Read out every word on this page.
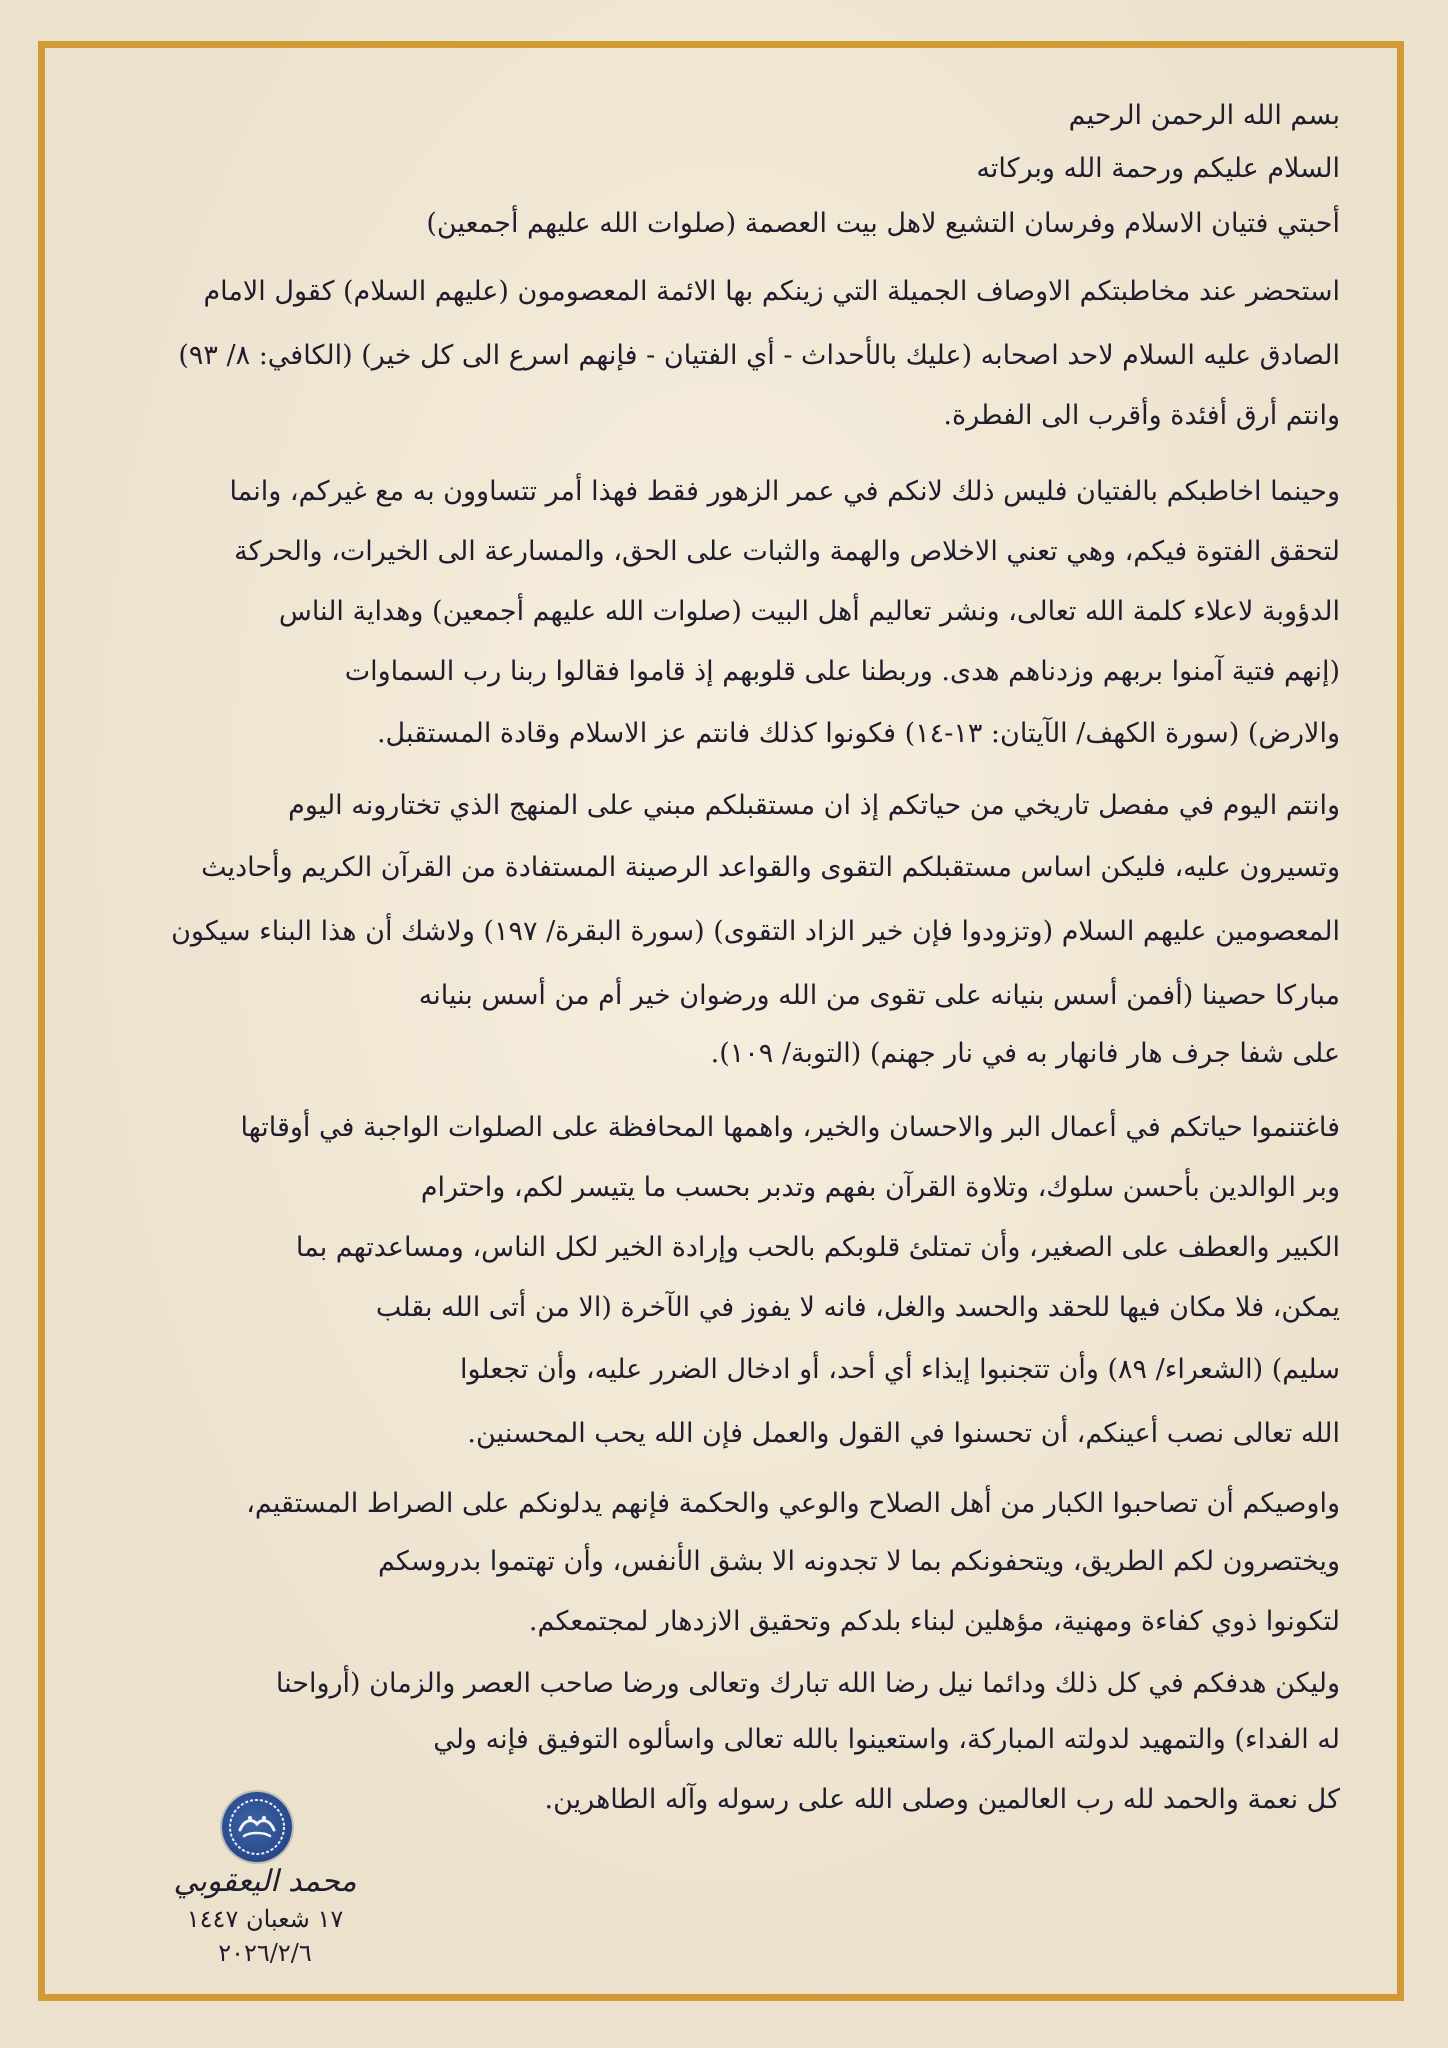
بسم الله الرحمن الرحيم
السلام عليكم ورحمة الله وبركاته
أحبتي فتيان الاسلام وفرسان التشيع لاهل بيت العصمة (صلوات الله عليهم أجمعين)
استحضر عند مخاطبتكم الاوصاف الجميلة التي زينكم بها الائمة المعصومون (عليهم السلام) كقول الامام
الصادق عليه السلام لاحد اصحابه (عليك بالأحداث - أي الفتيان - فإنهم اسرع الى كل خير) (الكافي: ٨/ ٩٣)
وانتم أرق أفئدة وأقرب الى الفطرة.
وحينما اخاطبكم بالفتيان فليس ذلك لانكم في عمر الزهور فقط فهذا أمر تتساوون به مع غيركم، وانما
لتحقق الفتوة فيكم، وهي تعني الاخلاص والهمة والثبات على الحق، والمسارعة الى الخيرات، والحركة
الدؤوبة لاعلاء كلمة الله تعالى، ونشر تعاليم أهل البيت (صلوات الله عليهم أجمعين) وهداية الناس
(إنهم فتية آمنوا بربهم وزدناهم هدى. وربطنا على قلوبهم إذ قاموا فقالوا ربنا رب السماوات
والارض) (سورة الكهف/ الآيتان: ١٣-١٤) فكونوا كذلك فانتم عز الاسلام وقادة المستقبل.
وانتم اليوم في مفصل تاريخي من حياتكم إذ ان مستقبلكم مبني على المنهج الذي تختارونه اليوم
وتسيرون عليه، فليكن اساس مستقبلكم التقوى والقواعد الرصينة المستفادة من القرآن الكريم وأحاديث
المعصومين عليهم السلام (وتزودوا فإن خير الزاد التقوى) (سورة البقرة/ ١٩٧) ولاشك أن هذا البناء سيكون
مباركا حصينا (أفمن أسس بنيانه على تقوى من الله ورضوان خير أم من أسس بنيانه
على شفا جرف هار فانهار به في نار جهنم) (التوبة/ ١٠٩).
فاغتنموا حياتكم في أعمال البر والاحسان والخير، واهمها المحافظة على الصلوات الواجبة في أوقاتها
وبر الوالدين بأحسن سلوك، وتلاوة القرآن بفهم وتدبر بحسب ما يتيسر لكم، واحترام
الكبير والعطف على الصغير، وأن تمتلئ قلوبكم بالحب وإرادة الخير لكل الناس، ومساعدتهم بما
يمكن، فلا مكان فيها للحقد والحسد والغل، فانه لا يفوز في الآخرة (الا من أتى الله بقلب
سليم) (الشعراء/ ٨٩) وأن تتجنبوا إيذاء أي أحد، أو ادخال الضرر عليه، وأن تجعلوا
الله تعالى نصب أعينكم، أن تحسنوا في القول والعمل فإن الله يحب المحسنين.
واوصيكم أن تصاحبوا الكبار من أهل الصلاح والوعي والحكمة فإنهم يدلونكم على الصراط المستقيم،
ويختصرون لكم الطريق، ويتحفونكم بما لا تجدونه الا بشق الأنفس، وأن تهتموا بدروسكم
لتكونوا ذوي كفاءة ومهنية، مؤهلين لبناء بلدكم وتحقيق الازدهار لمجتمعكم.
وليكن هدفكم في كل ذلك ودائما نيل رضا الله تبارك وتعالى ورضا صاحب العصر والزمان (أرواحنا
له الفداء) والتمهيد لدولته المباركة، واستعينوا بالله تعالى واسألوه التوفيق فإنه ولي
كل نعمة والحمد لله رب العالمين وصلى الله على رسوله وآله الطاهرين.
محمد اليعقوبي
١٧ شعبان ١٤٤٧
٢٠٢٦/٢/٦
